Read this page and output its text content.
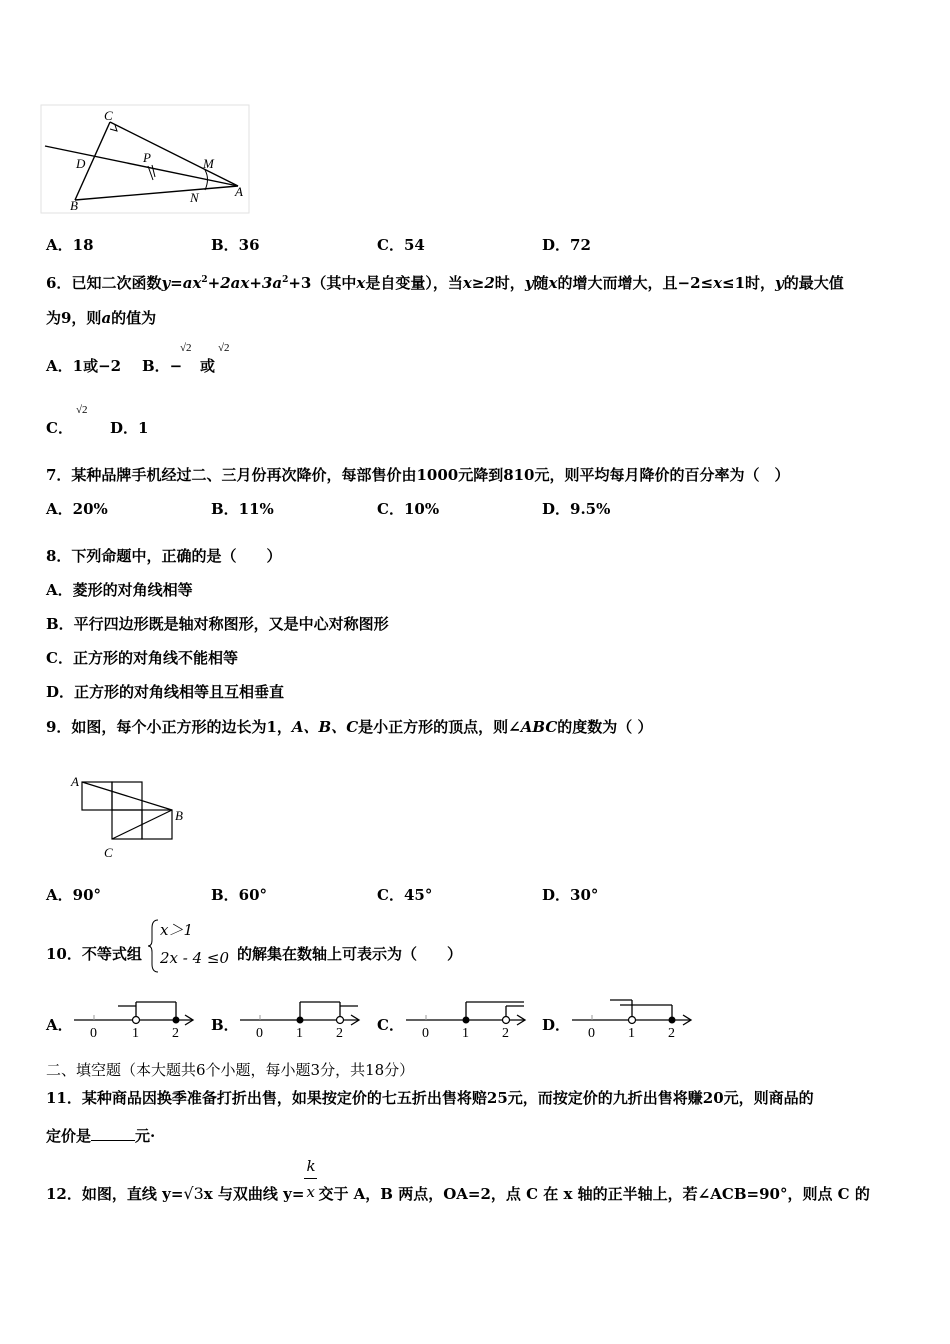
C
D	P	M
B
N	A
A．18	B．36	C．54	D．72
6．已知二次函数$y=ax^2+2ax+3a^2+3$（其中x是自变量），当x≥2时，y随x的增大而增大，且−2≤x≤1时，y的最大值
为9，则a的值为
A．1或−2 B．−
√2
或
√2
C．
√2
D．1
7．某种品牌手机经过二、三月份再次降价，每部售价由1000元降到810元，则平均每月降价的百分率为（　）
A．20%	B．11%	C．10%	D．9.5%
8．下列命题中，正确的是（　　）
A．菱形的对角线相等
B．平行四边形既是轴对称图形，又是中心对称图形
C．正方形的对角线不能相等
D．正方形的对角线相等且互相垂直
9．如图，每个小正方形的边长为1，A、B、C是小正方形的顶点，则∠ABC的度数为（ ）
A
B
C
A．90°	B．60°	C．45°	D．30°
10．不等式组
x＞1
2x - 4 ≤0 的解集在数轴上可表示为（　　）
A． 0	1 2 B． 0 1 2 C． 0 1 2 D． 0 1 2
二、填空题（本大题共6个小题，每小题3分，共18分）
11．某种商品因换季准备打折出售，如果按定价的七五折出售将赔25元，而按定价的九折出售将赚20元，则商品的
定价是	元·
12．如图，直线 y=√3x 与双曲线 $y= \frac{k}{x}$ 交于 A，B 两点，OA=2，点 C 在 x 轴的正半轴上，若∠ACB=90°，则点 C 的
